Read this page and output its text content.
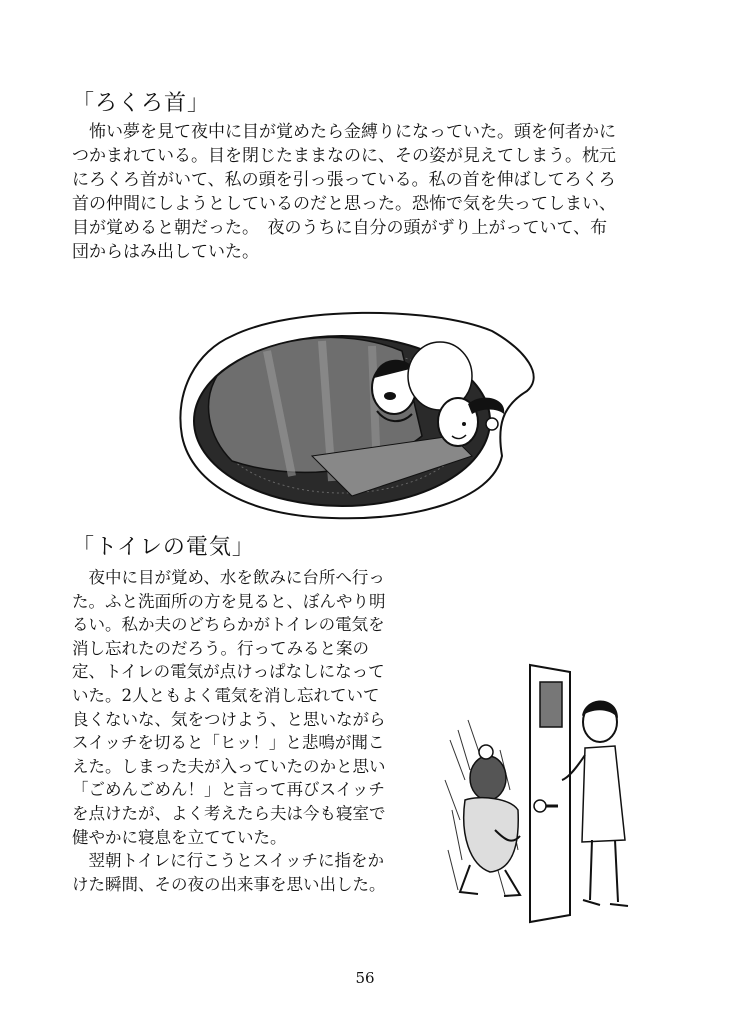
「ろくろ首」
　怖い夢を見て夜中に目が覚めたら金縛りになっていた。頭を何者かに
つかまれている。目を閉じたままなのに、その姿が見えてしまう。枕元
にろくろ首がいて、私の頭を引っ張っている。私の首を伸ばしてろくろ
首の仲間にしようとしているのだと思った。恐怖で気を失ってしまい、
目が覚めると朝だった。　夜のうちに自分の頭がずり上がっていて、布
団からはみ出していた。
「トイレの電気」
　夜中に目が覚め、水を飲みに台所へ行っ
た。ふと洗面所の方を見ると、ぼんやり明
るい。私か夫のどちらかがトイレの電気を
消し忘れたのだろう。行ってみると案の
定、トイレの電気が点けっぱなしになって
いた。2人ともよく電気を消し忘れていて
良くないな、気をつけよう、と思いながら
スイッチを切ると「ヒッ！」と悲鳴が聞こ
えた。しまった夫が入っていたのかと思い
「ごめんごめん！」と言って再びスイッチ
を点けたが、よく考えたら夫は今も寝室で
健やかに寝息を立てていた。
　翌朝トイレに行こうとスイッチに指をか
けた瞬間、その夜の出来事を思い出した。
56
